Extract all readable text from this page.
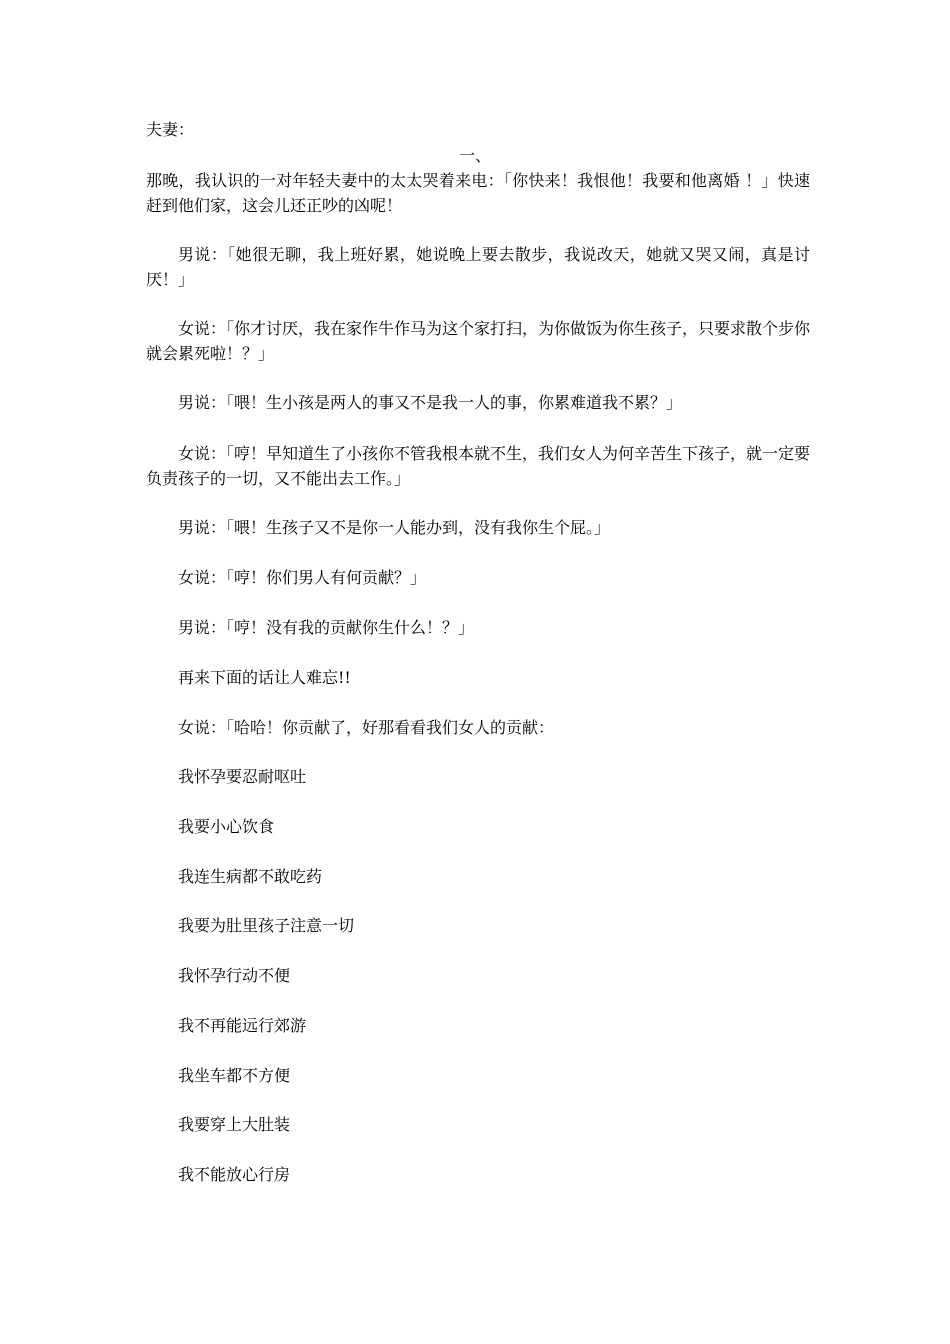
夫妻：
一、
那晚，我认识的一对年轻夫妻中的太太哭着来电：「你快来！我恨他！我要和他离婚 ！」快速赶到他们家，这会儿还正吵的凶呢！
男说：「她很无聊，我上班好累，她说晚上要去散步，我说改天，她就又哭又闹，真是讨厌！」
女说：「你才讨厌，我在家作牛作马为这个家打扫，为你做饭为你生孩子，只要求散个步你就会累死啦！？」
男说：「喂！生小孩是两人的事又不是我一人的事，你累难道我不累？」
女说：「哼！早知道生了小孩你不管我根本就不生，我们女人为何辛苦生下孩子，就一定要负责孩子的一切，又不能出去工作。」
男说：「喂！生孩子又不是你一人能办到，没有我你生个屁。」
女说：「哼！你们男人有何贡献？」
男说：「哼！没有我的贡献你生什么！？」
再来下面的话让人难忘!!
女说：「哈哈！你贡献了，好那看看我们女人的贡献：
我怀孕要忍耐呕吐
我要小心饮食
我连生病都不敢吃药
我要为肚里孩子注意一切
我怀孕行动不便
我不再能远行郊游
我坐车都不方便
我要穿上大肚装
我不能放心行房
